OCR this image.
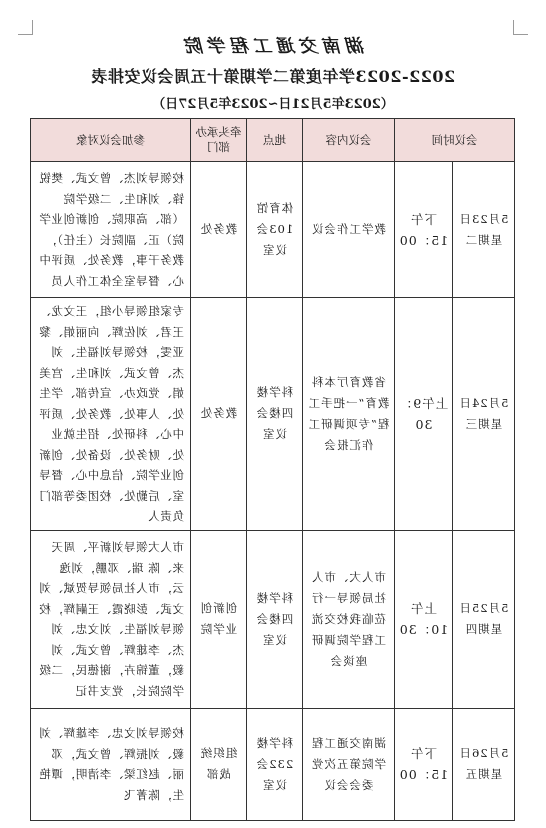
湖南交通工程学院
2022-2023学年度第二学期第十五周会议安排表
（2023年5月21日~2023年5月27日）
会议时间		会议内容	地点	牵头承办部门	参加会议对象
5月23日星期二	下午15：00	教学工作会议	体育馆103会议室	教务处	校领导刘杰、曾文武、樊锐锋、刘和生、二级学院（部、高职院、创新创业学院）正、副院长（主任），教务干事，教务处、质评中心、督导室全体工作人员
5月24日星期三	上午9：30	省教育厅本科教育“一把手工程”专项调研工作汇报会	科学楼四楼会议室	教务处	专家组领导小组，王文龙、王君、刘佐辉、向丽娟、黎亚雯，校领导刘福生、刘杰、曾文武、刘和生、宫美娟、党政办、宣传部、学生处、人事处、教务处、质评中心、科研处、招生就业处、财务处、设备处、创新创业学院、信息中心、督导室、后勤处、校团委等部门负责人
5月25日星期四	上午10：30	市人大、市人社局领导一行莅临我校交流工程学院调研座谈会	科学楼四楼会议室	创新创业学院	市人大领导刘新平、周天来、陈 瑞、邓鹏，刘逸云，市人社局领导贺斌、刘文武、彭晓霞、王嗣辉，校领导刘福生、刘文忠、刘杰、李雄辉、曾文武、刘 毅，董锦卉，谢德民，二级学院院长，党支书记
5月26日星期五	下午15：00	湖南交通工程学院第五次党委会会议	科学楼232会议室	组织统战部	校领导刘文忠、李雄辉、刘 毅、刘振辉、曾文武，邓丽、赵红梁、李清明，谭艳生，陈菁飞
